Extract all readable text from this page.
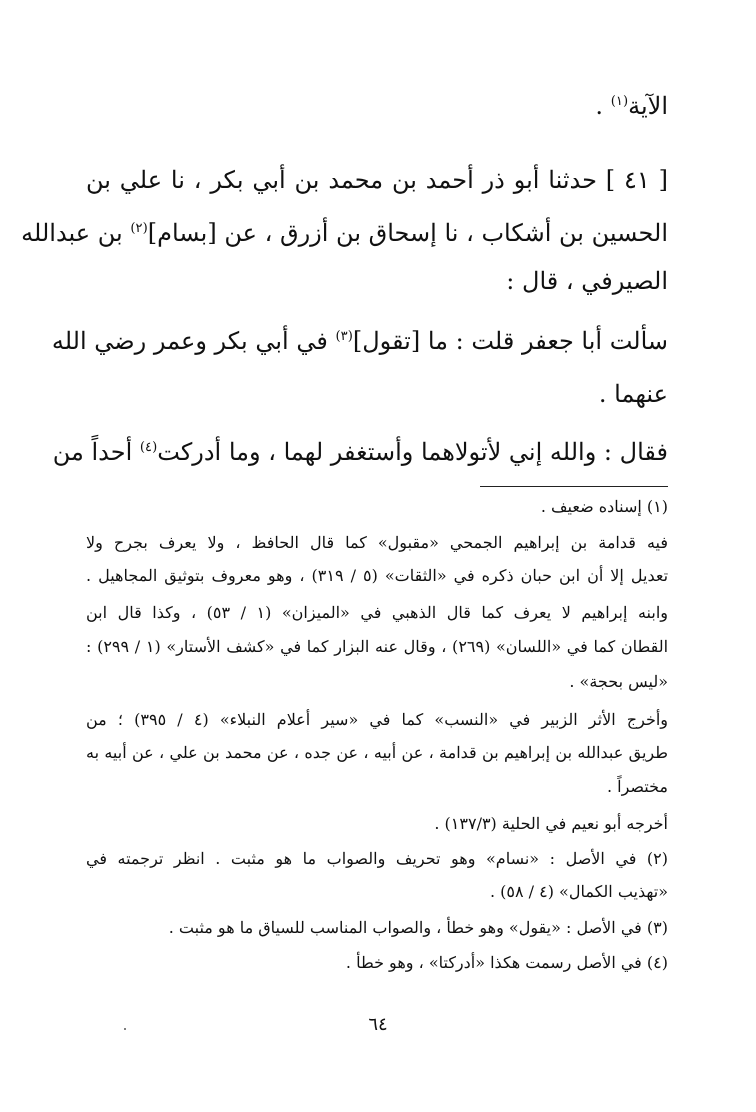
الآية$^{(١)}$ .
[ ٤١ ] حدثنا أبو ذر أحمد بن محمد بن أبي بكر ، نا علي بن
الحسين بن أشكاب ، نا إسحاق بن أزرق ، عن [بسام]$^{(٢)}$ بن عبدالله
الصيرفي ، قال :
سألت أبا جعفر قلت : ما [تقول]$^{(٣)}$ في أبي بكر وعمر رضي الله
عنهما .
فقال : والله إني لأتولاهما وأستغفر لهما ، وما أدركت$^{(٤)}$ أحداً من
(١) إسناده ضعيف .
فيه قدامة بن إبراهيم الجمحي «مقبول» كما قال الحافظ ، ولا يعرف بجرح ولا
تعديل إلا أن ابن حبان ذكره في «الثقات» (٥ / ٣١٩) ، وهو معروف بتوثيق المجاهيل .
وابنه إبراهيم لا يعرف كما قال الذهبي في «الميزان» (١ / ٥٣) ، وكذا قال ابن
القطان كما في «اللسان» (٢٦٩) ، وقال عنه البزار كما في «كشف الأستار» (١ / ٢٩٩) :
«ليس بحجة» .
وأخرج الأثر الزبير في «النسب» كما في «سير أعلام النبلاء» (٤ / ٣٩٥) ؛ من
طريق عبدالله بن إبراهيم بن قدامة ، عن أبيه ، عن جده ، عن محمد بن علي ، عن أبيه به
مختصراً .
أخرجه أبو نعيم في الحلية (١٣٧/٣) .
(٢) في الأصل : «نسام» وهو تحريف والصواب ما هو مثبت . انظر ترجمته في
«تهذيب الكمال» (٤ / ٥٨) .
(٣) في الأصل : «يقول» وهو خطأ ، والصواب المناسب للسياق ما هو مثبت .
(٤) في الأصل رسمت هكذا «أدركتا» ، وهو خطأ .
٦٤
